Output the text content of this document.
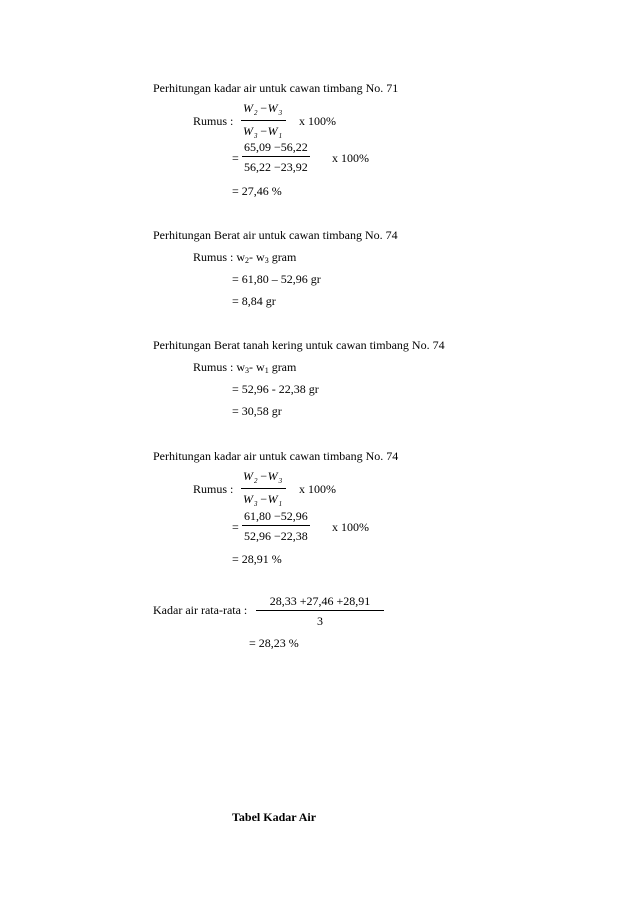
Perhitungan kadar air untuk cawan timbang No. 71
Rumus :
$W_2 -W_3$
$W_3 -W_1$
x 100%
=
65,09 −56,22
56,22 −23,92
x 100%
= 27,46 %
Perhitungan Berat air untuk cawan timbang No. 74
Rumus : w2- w3 gram
= 61,80 – 52,96 gr
= 8,84 gr
Perhitungan Berat tanah kering untuk cawan timbang No. 74
Rumus : w3- w1 gram
= 52,96 - 22,38 gr
= 30,58 gr
Perhitungan kadar air untuk cawan timbang No. 74
Rumus :
$W_2 -W_3$
$W_3 -W_1$
x 100%
=
61,80 −52,96
52,96 −22,38
x 100%
= 28,91 %
Kadar air rata-rata :
28,33 +27,46 +28,91
3
= 28,23 %
Tabel Kadar Air
